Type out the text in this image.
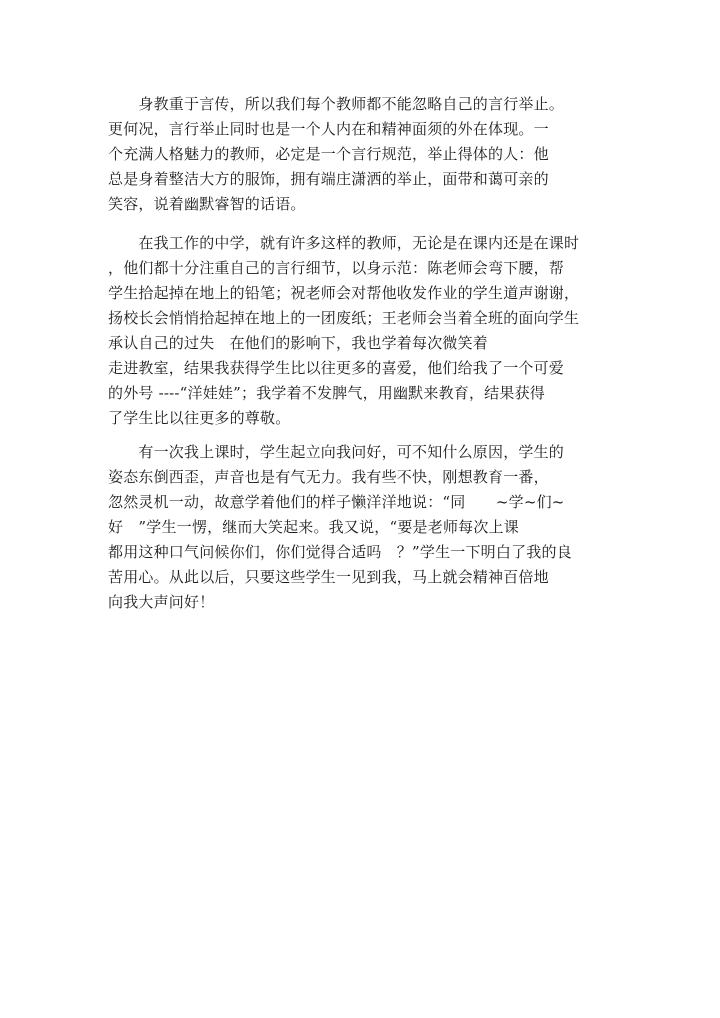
　　身教重于言传，所以我们每个教师都不能忽略自己的言行举止。
更何况，言行举止同时也是一个人内在和精神面须的外在体现。一
个充满人格魅力的教师，必定是一个言行规范，举止得体的人：他
总是身着整洁大方的服饰，拥有端庄潇洒的举止，面带和蔼可亲的
笑容，说着幽默睿智的话语。
　　在我工作的中学，就有许多这样的教师，无论是在课内还是在课时
，他们都十分注重自己的言行细节，以身示范：陈老师会弯下腰，帮
学生拾起掉在地上的铅笔；祝老师会对帮他收发作业的学生道声谢谢，
扬校长会悄悄拾起掉在地上的一团废纸；王老师会当着全班的面向学生
承认自己的过失　在他们的影响下，我也学着每次微笑着
走进教室，结果我获得学生比以往更多的喜爱，他们给我了一个可爱
的外号 ----“洋娃娃”；我学着不发脾气，用幽默来教育，结果获得
了学生比以往更多的尊敬。
　　有一次我上课时，学生起立向我问好，可不知什么原因，学生的
姿态东倒西歪，声音也是有气无力。我有些不快，刚想教育一番，
忽然灵机一动，故意学着他们的样子懒洋洋地说：“同　　~学~们~
好　”学生一愣，继而大笑起来。我又说，“要是老师每次上课
都用这种口气问候你们，你们觉得合适吗　？”学生一下明白了我的良
苦用心。从此以后，只要这些学生一见到我，马上就会精神百倍地
向我大声问好！
